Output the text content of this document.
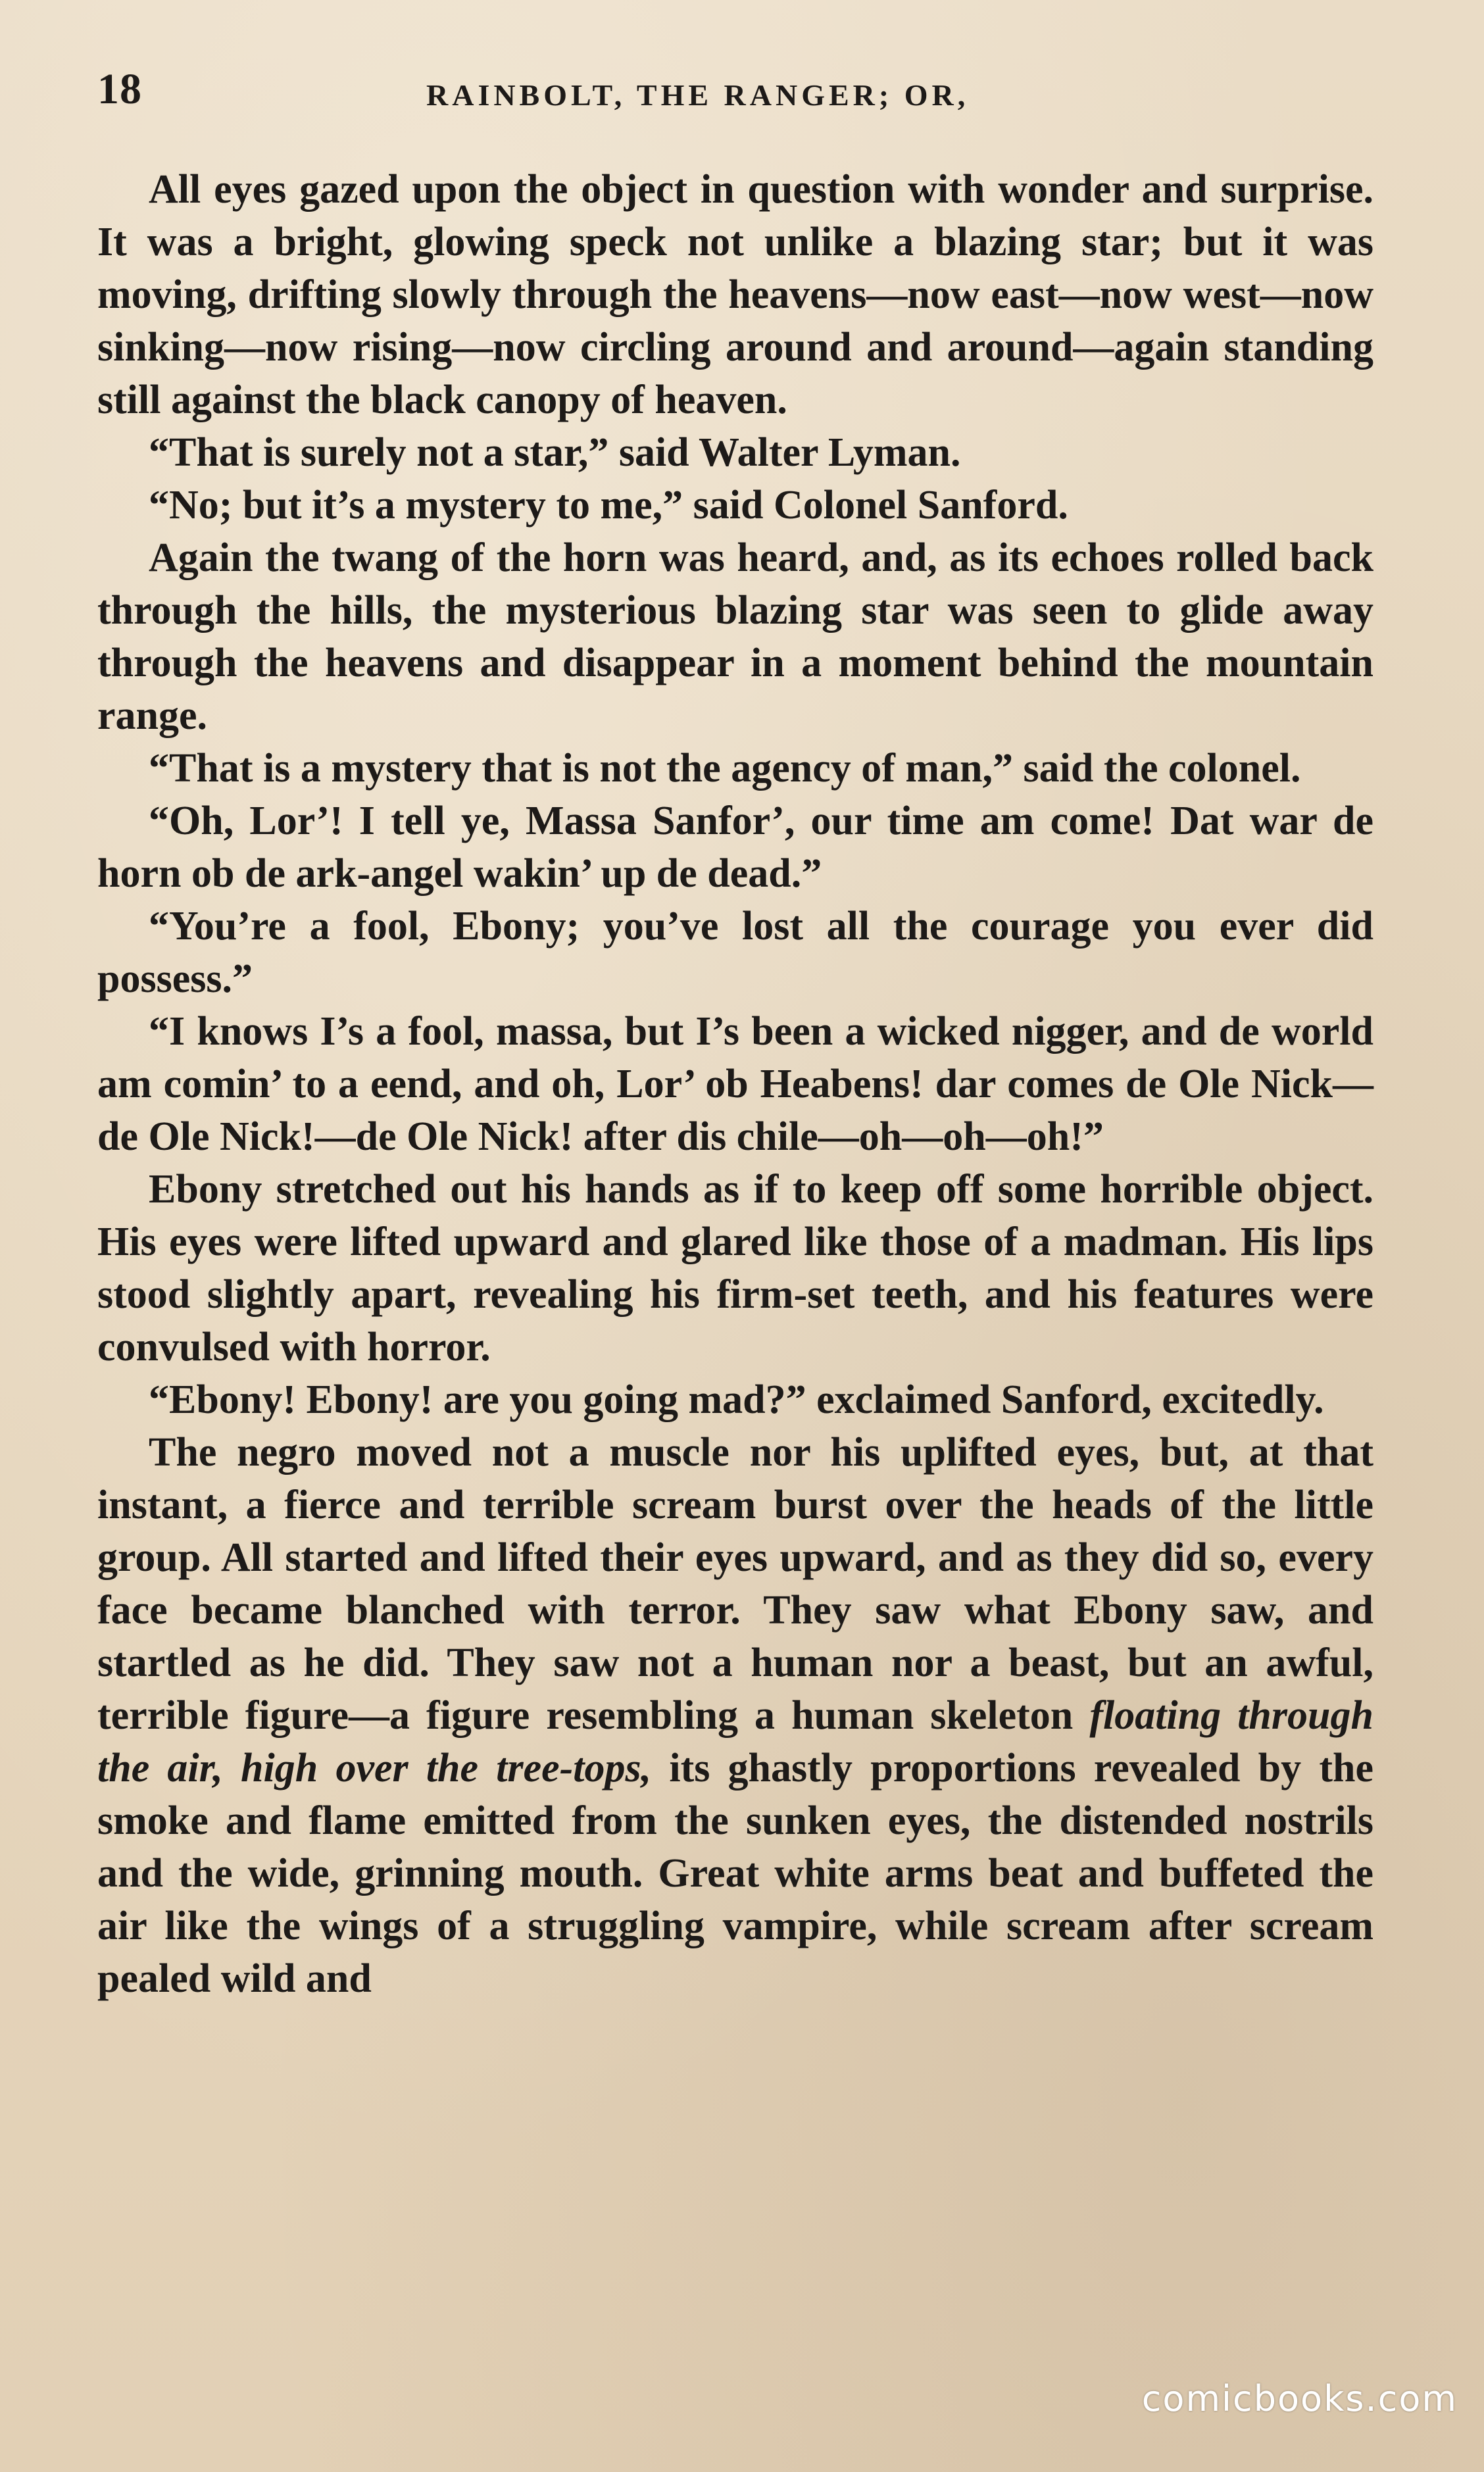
18	RAINBOLT, THE RANGER; OR,

All eyes gazed upon the object in question with wonder and surprise. It was a bright, glowing speck not unlike a blazing star; but it was moving, drifting slowly through the heavens—now east—now west—now sinking—now rising—now circling around and around—again standing still against the black canopy of heaven.

“That is surely not a star,” said Walter Lyman.

“No; but it’s a mystery to me,” said Colonel Sanford.

Again the twang of the horn was heard, and, as its echoes rolled back through the hills, the mysterious blazing star was seen to glide away through the heavens and disappear in a moment behind the mountain range.

“That is a mystery that is not the agency of man,” said the colonel.

“Oh, Lor’! I tell ye, Massa Sanfor’, our time am come! Dat war de horn ob de ark-angel wakin’ up de dead.”

“You’re a fool, Ebony; you’ve lost all the courage you ever did possess.”

“I knows I’s a fool, massa, but I’s been a wicked nigger, and de world am comin’ to a eend, and oh, Lor’ ob Heabens! dar comes de Ole Nick—de Ole Nick!—de Ole Nick! after dis chile—oh—oh—oh!”

Ebony stretched out his hands as if to keep off some horrible object. His eyes were lifted upward and glared like those of a madman. His lips stood slightly apart, revealing his firm-set teeth, and his features were convulsed with horror.

“Ebony! Ebony! are you going mad?” exclaimed Sanford, excitedly.

The negro moved not a muscle nor his uplifted eyes, but, at that instant, a fierce and terrible scream burst over the heads of the little group. All started and lifted their eyes upward, and as they did so, every face became blanched with terror. They saw what Ebony saw, and startled as he did. They saw not a human nor a beast, but an awful, terrible figure—a figure resembling a human skeleton floating through the air, high over the tree-tops, its ghastly proportions revealed by the smoke and flame emitted from the sunken eyes, the distended nostrils and the wide, grinning mouth. Great white arms beat and buffeted the air like the wings of a struggling vampire, while scream after scream pealed wild and

comicbooks.com
